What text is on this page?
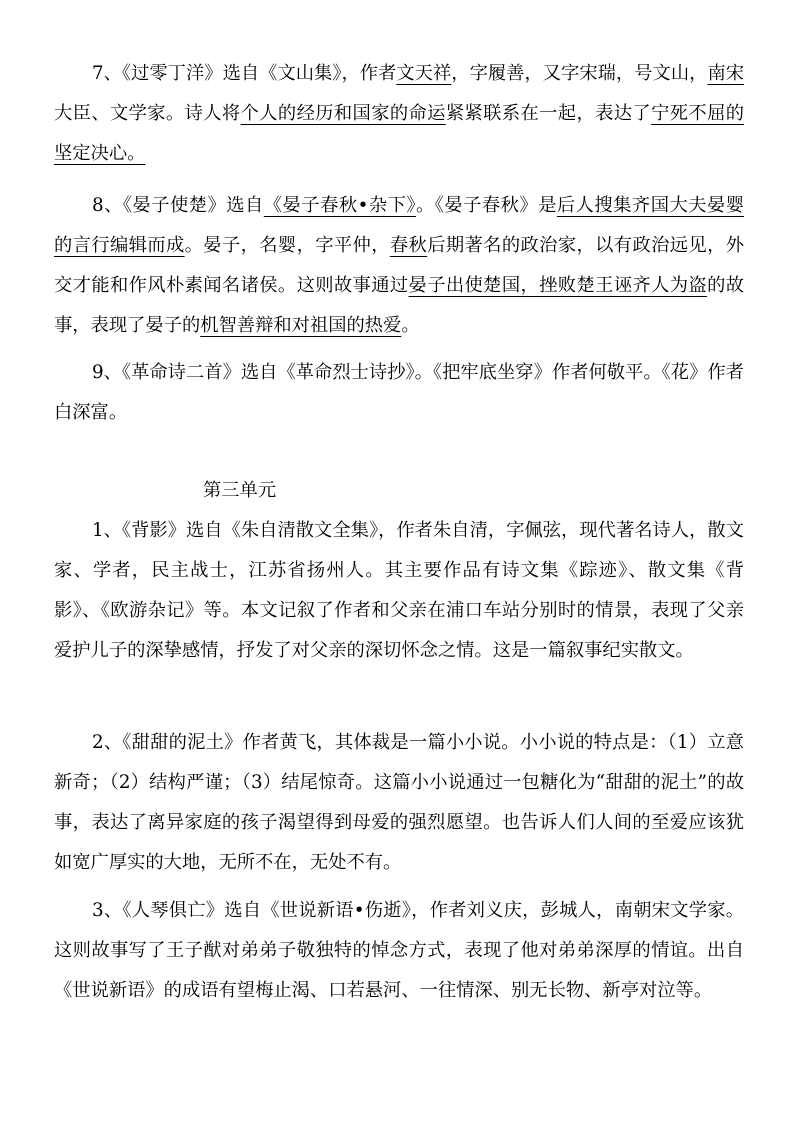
7、《过零丁洋》选自《文山集》，作者文天祥，字履善，又字宋瑞，号文山，南宋大臣、文学家。诗人将个人的经历和国家的命运紧紧联系在一起，表达了宁死不屈的坚定决心。

8、《晏子使楚》选自《晏子春秋•杂下》。《晏子春秋》是后人搜集齐国大夫晏婴的言行编辑而成。晏子，名婴，字平仲，春秋后期著名的政治家，以有政治远见，外交才能和作风朴素闻名诸侯。这则故事通过晏子出使楚国，挫败楚王诬齐人为盗的故事，表现了晏子的机智善辩和对祖国的热爱。

9、《革命诗二首》选自《革命烈士诗抄》。《把牢底坐穿》作者何敬平。《花》作者白深富。

第三单元

1、《背影》选自《朱自清散文全集》，作者朱自清，字佩弦，现代著名诗人，散文家、学者，民主战士，江苏省扬州人。其主要作品有诗文集《踪迹》、散文集《背影》、《欧游杂记》等。本文记叙了作者和父亲在浦口车站分别时的情景，表现了父亲爱护儿子的深挚感情，抒发了对父亲的深切怀念之情。这是一篇叙事纪实散文。

2、《甜甜的泥土》作者黄飞，其体裁是一篇小小说。小小说的特点是：（1）立意新奇；（2）结构严谨；（3）结尾惊奇。这篇小小说通过一包糖化为“甜甜的泥土”的故事，表达了离异家庭的孩子渴望得到母爱的强烈愿望。也告诉人们人间的至爱应该犹如宽广厚实的大地，无所不在，无处不有。

3、《人琴俱亡》选自《世说新语•伤逝》，作者刘义庆，彭城人，南朝宋文学家。这则故事写了王子猷对弟弟子敬独特的悼念方式，表现了他对弟弟深厚的情谊。出自《世说新语》的成语有望梅止渴、口若悬河、一往情深、别无长物、新亭对泣等。
